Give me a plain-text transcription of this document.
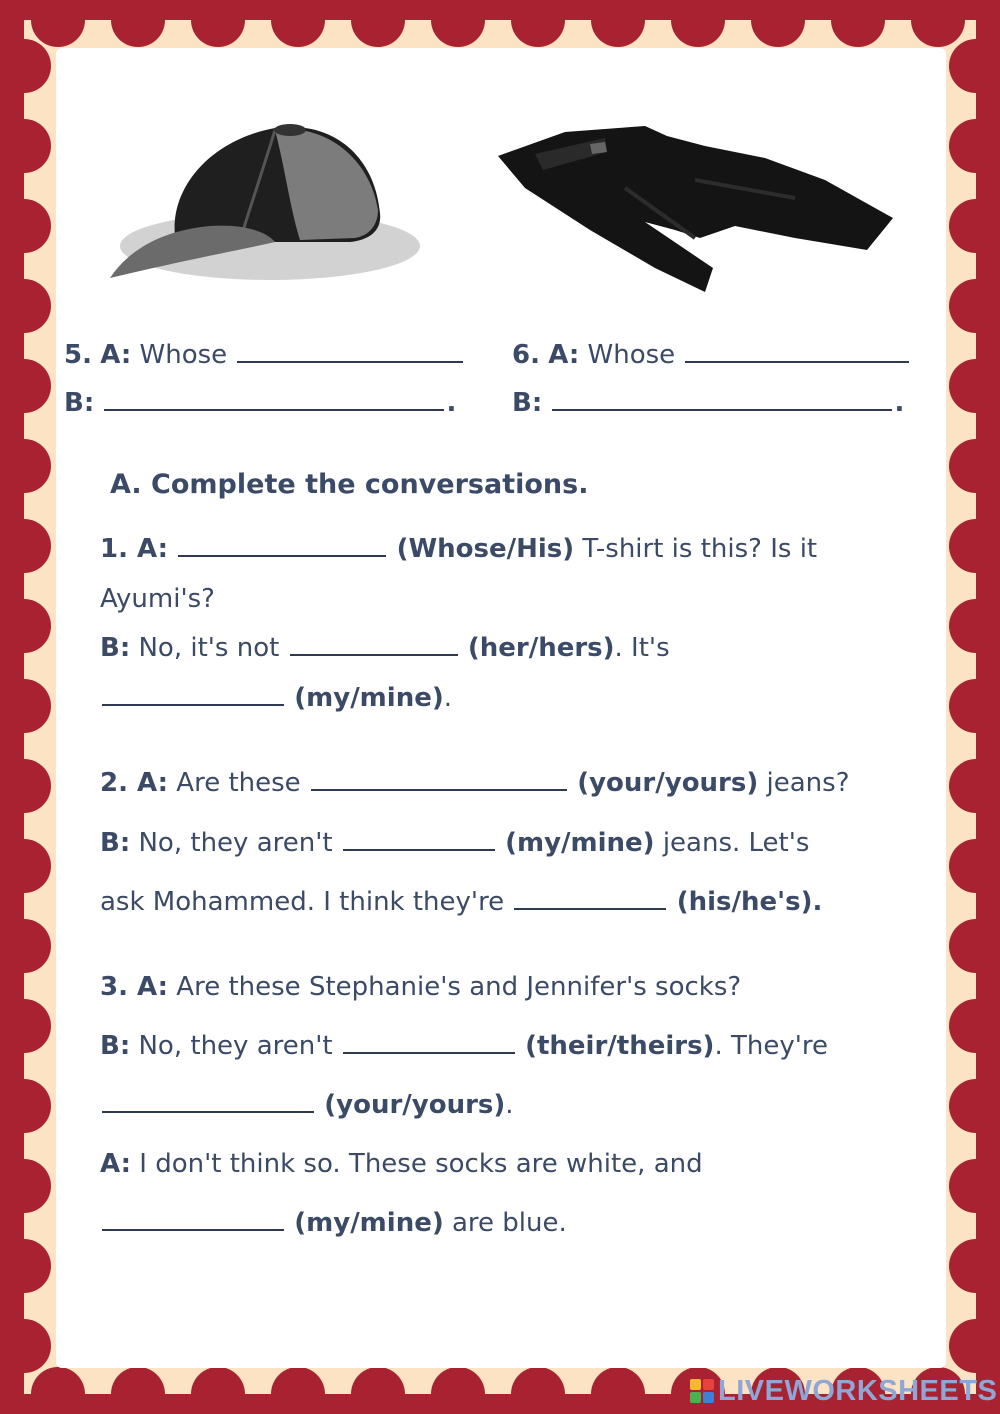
5. A: Whose
B:	.
6. A: Whose
B:	.
A. Complete the conversations.
1. A:	(Whose/His) T-shirt is this? Is it
Ayumi's?
B: No, it's not	(her/hers). It's
(my/mine).
2. A: Are these	(your/yours) jeans?
B: No, they aren't	(my/mine) jeans. Let's
ask Mohammed. I think they're	(his/he's).
3. A: Are these Stephanie's and Jennifer's socks?
B: No, they aren't	(their/theirs). They're
(your/yours).
A: I don't think so. These socks are white, and
(my/mine) are blue.
LIVEWORKSHEETS
